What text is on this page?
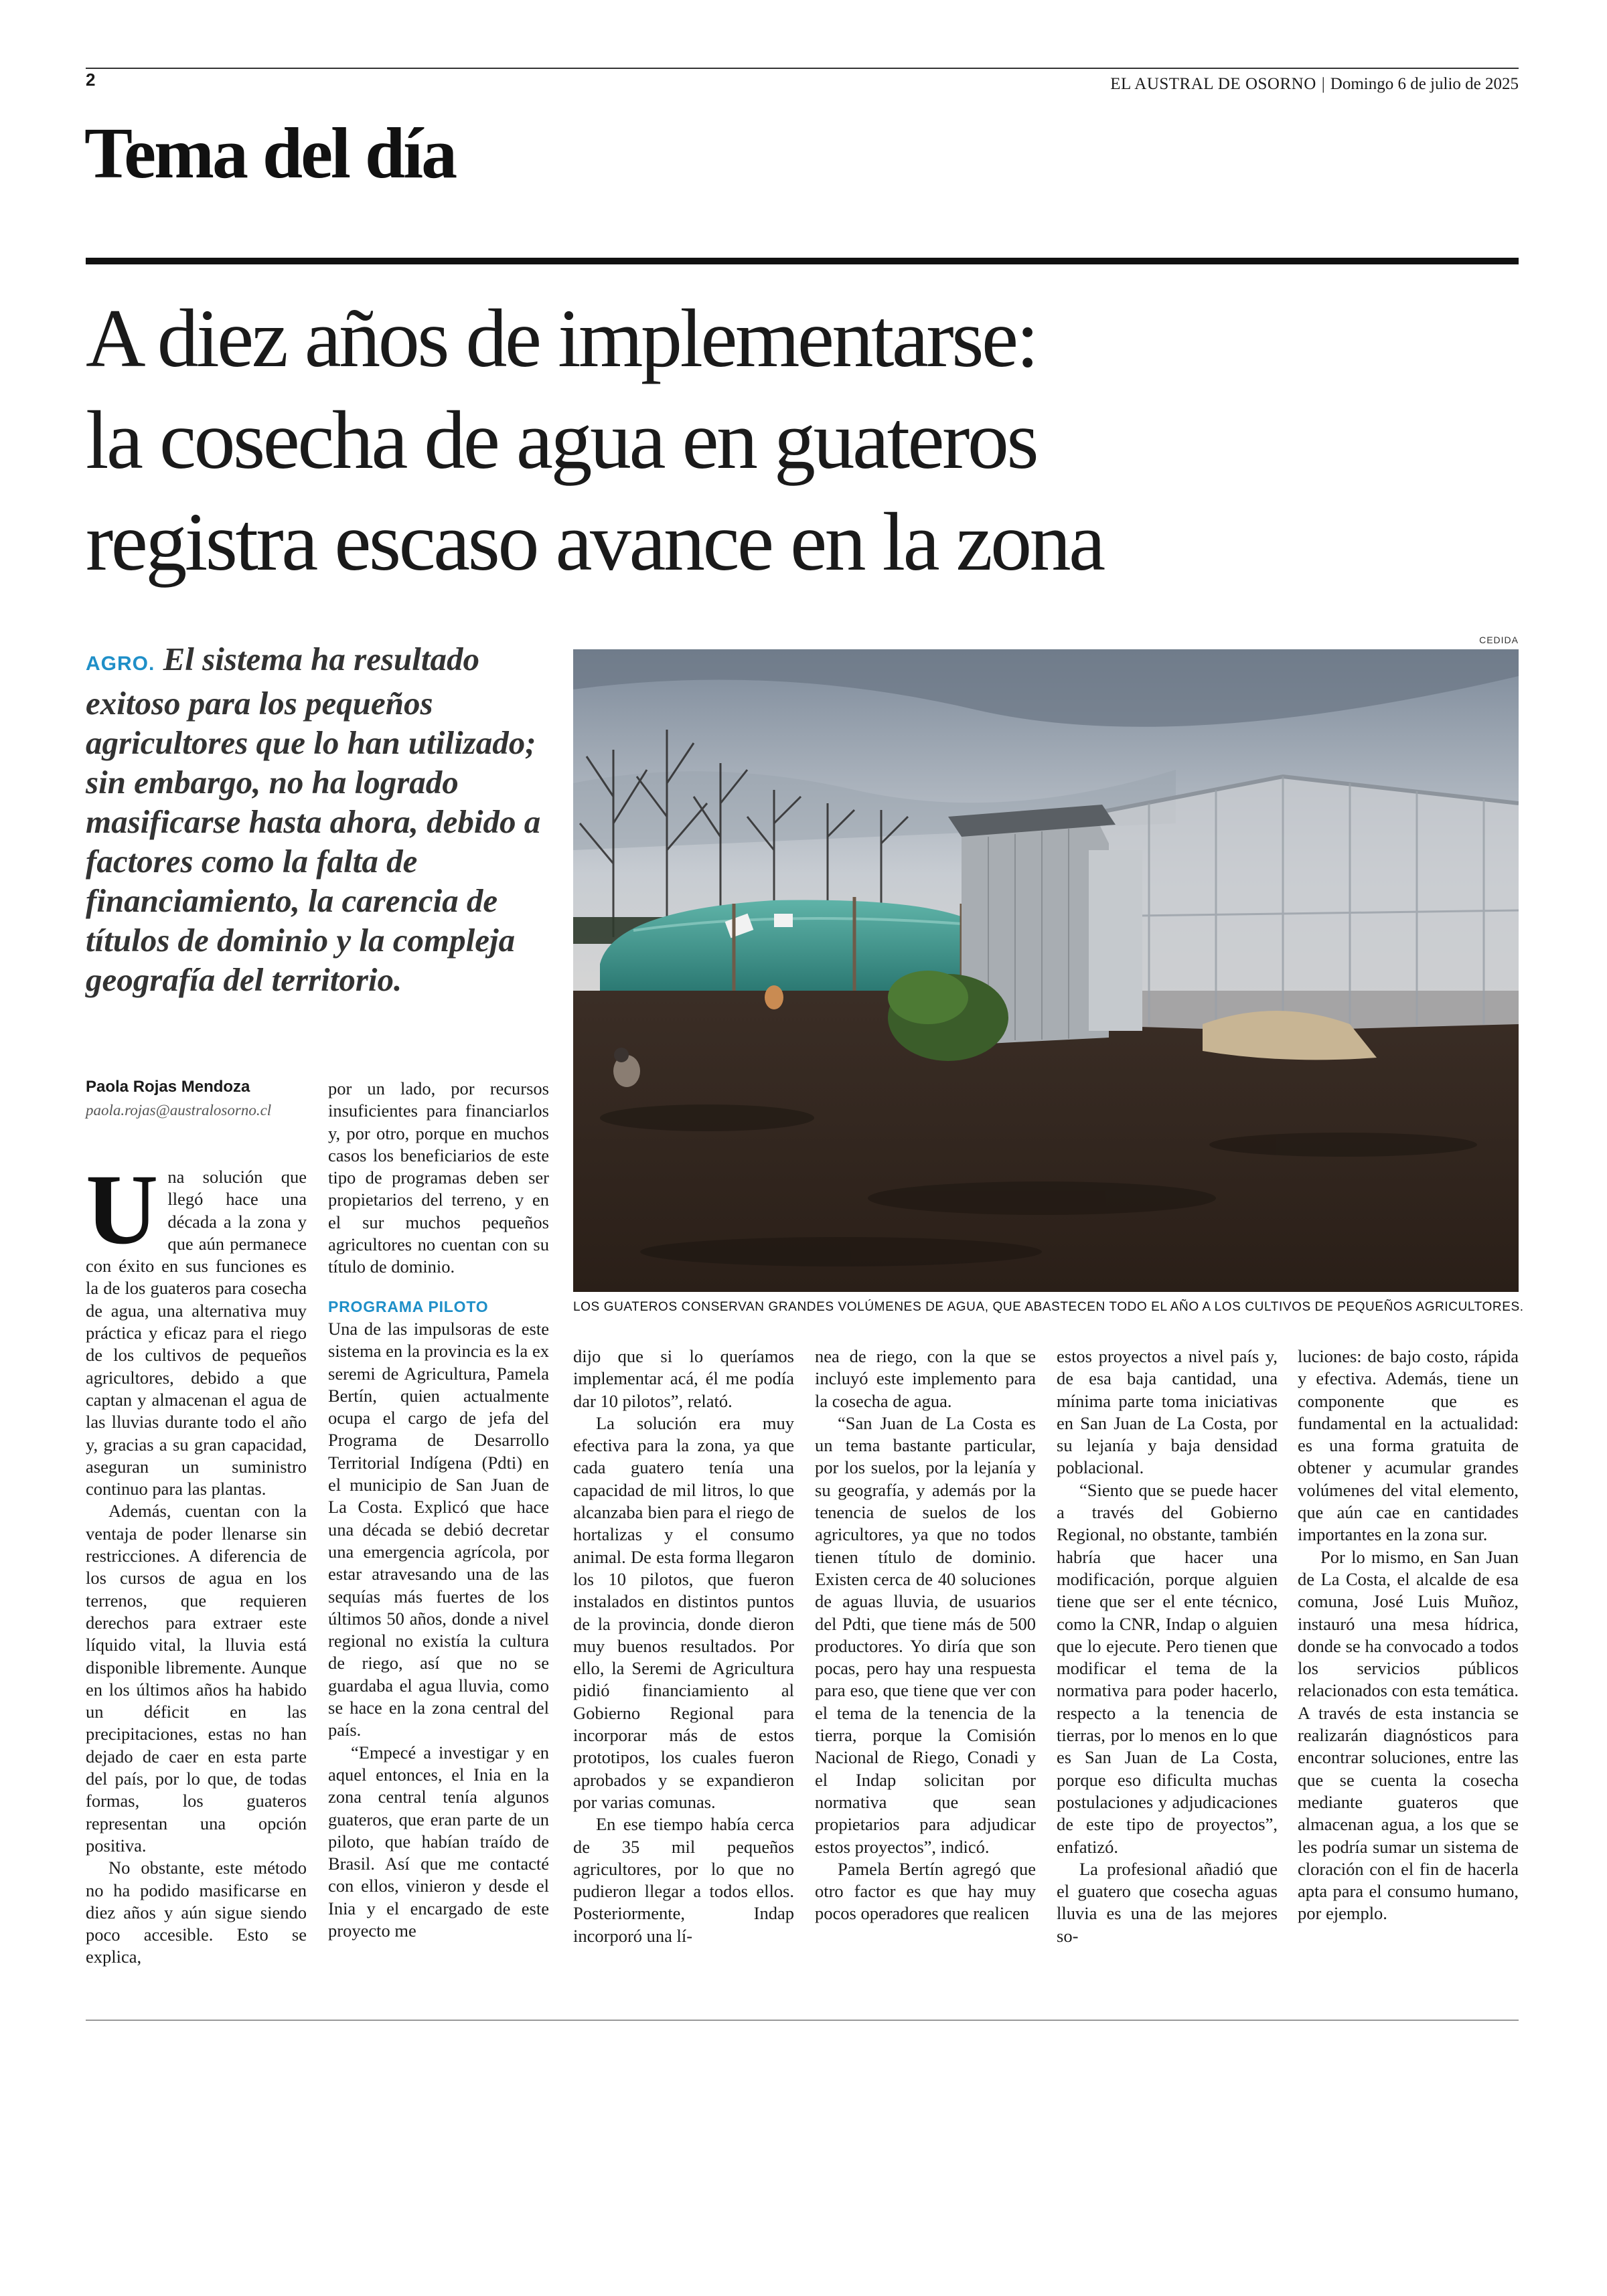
2	EL AUSTRAL DE OSORNO | Domingo 6 de julio de 2025
Tema del día
A diez años de implementarse:
la cosecha de agua en guateros
registra escaso avance en la zona
AGRO. El sistema ha resultado exitoso para los pequeños agricultores que lo han utilizado; sin embargo, no ha logrado masificarse hasta ahora, debido a factores como la falta de financiamiento, la carencia de títulos de dominio y la compleja geografía del territorio.
CEDIDA
LOS GUATEROS CONSERVAN GRANDES VOLÚMENES DE AGUA, QUE ABASTECEN TODO EL AÑO A LOS CULTIVOS DE PEQUEÑOS AGRICULTORES.
Paola Rojas Mendoza
paola.rojas@australosorno.cl
U na solución que llegó hace una década a la zona y que aún permanece con éxito en sus funciones es la de los guateros para cosecha de agua, una alternativa muy práctica y eficaz para el riego de los cultivos de pequeños agricultores, debido a que captan y almacenan el agua de las lluvias durante todo el año y, gracias a su gran capacidad, aseguran un suministro continuo para las plantas.

Además, cuentan con la ventaja de poder llenarse sin restricciones. A diferencia de los cursos de agua en los terrenos, que requieren derechos para extraer este líquido vital, la lluvia está disponible libremente. Aunque en los últimos años ha habido un déficit en las precipitaciones, estas no han dejado de caer en esta parte del país, por lo que, de todas formas, los guateros representan una opción positiva.

No obstante, este método no ha podido masificarse en diez años y aún sigue siendo poco accesible. Esto se explica,

por un lado, por recursos insuficientes para financiarlos y, por otro, porque en muchos casos los beneficiarios de este tipo de programas deben ser propietarios del terreno, y en el sur muchos pequeños agricultores no cuentan con su título de dominio.

PROGRAMA PILOTO

Una de las impulsoras de este sistema en la provincia es la ex seremi de Agricultura, Pamela Bertín, quien actualmente ocupa el cargo de jefa del Programa de Desarrollo Territorial Indígena (Pdti) en el municipio de San Juan de La Costa. Explicó que hace una década se debió decretar una emergencia agrícola, por estar atravesando una de las sequías más fuertes de los últimos 50 años, donde a nivel regional no existía la cultura de riego, así que no se guardaba el agua lluvia, como se hace en la zona central del país.

“Empecé a investigar y en aquel entonces, el Inia en la zona central tenía algunos guateros, que eran parte de un piloto, que habían traído de Brasil. Así que me contacté con ellos, vinieron y desde el Inia y el encargado de este proyecto me

dijo que si lo queríamos implementar acá, él me podía dar 10 pilotos”, relató.

La solución era muy efectiva para la zona, ya que cada guatero tenía una capacidad de mil litros, lo que alcanzaba bien para el riego de hortalizas y el consumo animal. De esta forma llegaron los 10 pilotos, que fueron instalados en distintos puntos de la provincia, donde dieron muy buenos resultados. Por ello, la Seremi de Agricultura pidió financiamiento al Gobierno Regional para incorporar más de estos prototipos, los cuales fueron aprobados y se expandieron por varias comunas.

En ese tiempo había cerca de 35 mil pequeños agricultores, por lo que no pudieron llegar a todos ellos. Posteriormente, Indap incorporó una lí-

nea de riego, con la que se incluyó este implemento para la cosecha de agua.

“San Juan de La Costa es un tema bastante particular, por los suelos, por la lejanía y su geografía, y además por la tenencia de suelos de los agricultores, ya que no todos tienen título de dominio. Existen cerca de 40 soluciones de aguas lluvia, de usuarios del Pdti, que tiene más de 500 productores. Yo diría que son pocas, pero hay una respuesta para eso, que tiene que ver con el tema de la tenencia de la tierra, porque la Comisión Nacional de Riego, Conadi y el Indap solicitan por normativa que sean propietarios para adjudicar estos proyectos”, indicó.

Pamela Bertín agregó que otro factor es que hay muy pocos operadores que realicen

estos proyectos a nivel país y, de esa baja cantidad, una mínima parte toma iniciativas en San Juan de La Costa, por su lejanía y baja densidad poblacional.

“Siento que se puede hacer a través del Gobierno Regional, no obstante, también habría que hacer una modificación, porque alguien tiene que ser el ente técnico, como la CNR, Indap o alguien que lo ejecute. Pero tienen que modificar el tema de la normativa para poder hacerlo, respecto a la tenencia de tierras, por lo menos en lo que es San Juan de La Costa, porque eso dificulta muchas postulaciones y adjudicaciones de este tipo de proyectos”, enfatizó.

La profesional añadió que el guatero que cosecha aguas lluvia es una de las mejores so-

luciones: de bajo costo, rápida y efectiva. Además, tiene un componente que es fundamental en la actualidad: es una forma gratuita de obtener y acumular grandes volúmenes del vital elemento, que aún cae en cantidades importantes en la zona sur.

Por lo mismo, en San Juan de La Costa, el alcalde de esa comuna, José Luis Muñoz, instauró una mesa hídrica, donde se ha convocado a todos los servicios públicos relacionados con esta temática. A través de esta instancia se realizarán diagnósticos para encontrar soluciones, entre las que se cuenta la cosecha mediante guateros que almacenan agua, a los que se les podría sumar un sistema de cloración con el fin de hacerla apta para el consumo humano, por ejemplo.
